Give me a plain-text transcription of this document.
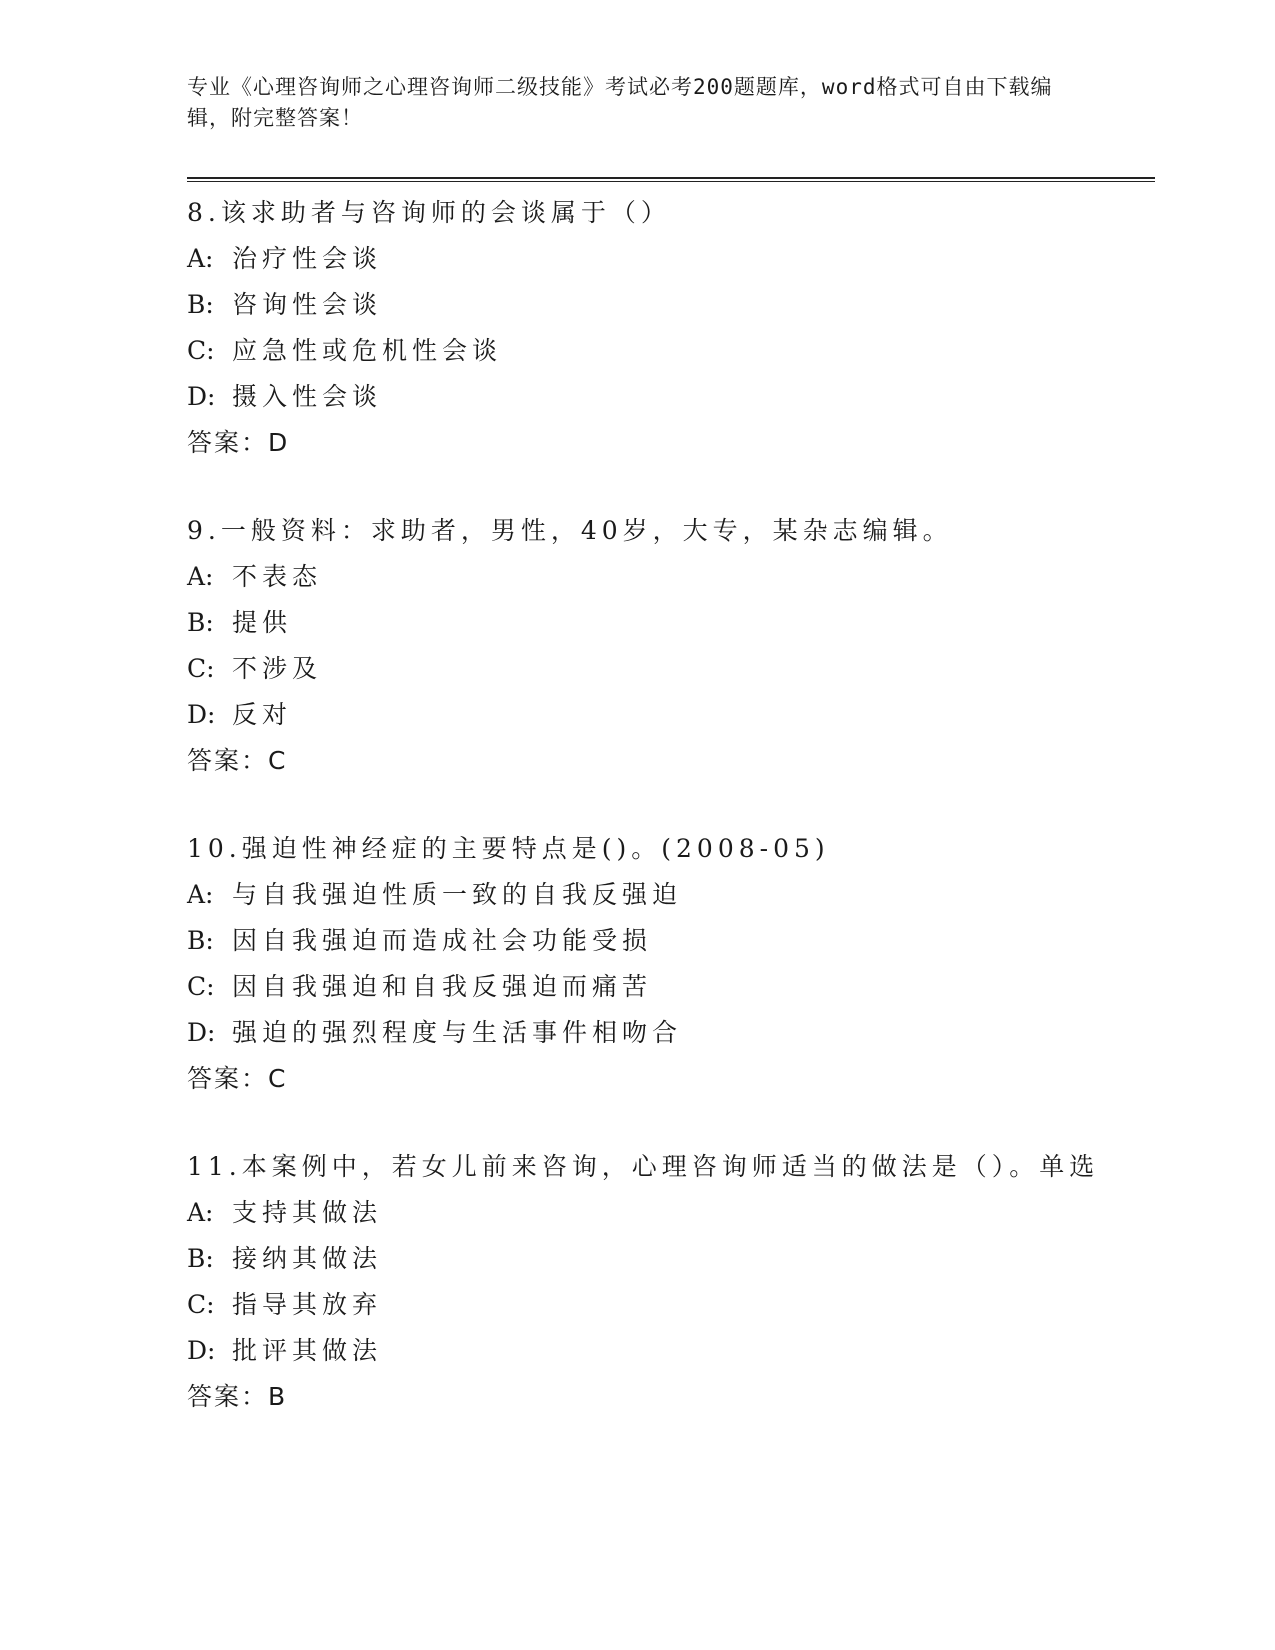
专业《心理咨询师之心理咨询师二级技能》考试必考200题题库，word格式可自由下载编辑，附完整答案！
8.该求助者与咨询师的会谈属于（）
A: 治疗性会谈
B: 咨询性会谈
C: 应急性或危机性会谈
D: 摄入性会谈
答案：D
9.一般资料：求助者，男性，40岁，大专，某杂志编辑。
A: 不表态
B: 提供
C: 不涉及
D: 反对
答案：C
10.强迫性神经症的主要特点是()。(2008-05)
A: 与自我强迫性质一致的自我反强迫
B: 因自我强迫而造成社会功能受损
C: 因自我强迫和自我反强迫而痛苦
D: 强迫的强烈程度与生活事件相吻合
答案：C
11.本案例中，若女儿前来咨询，心理咨询师适当的做法是（）。单选
A: 支持其做法
B: 接纳其做法
C: 指导其放弃
D: 批评其做法
答案：B
